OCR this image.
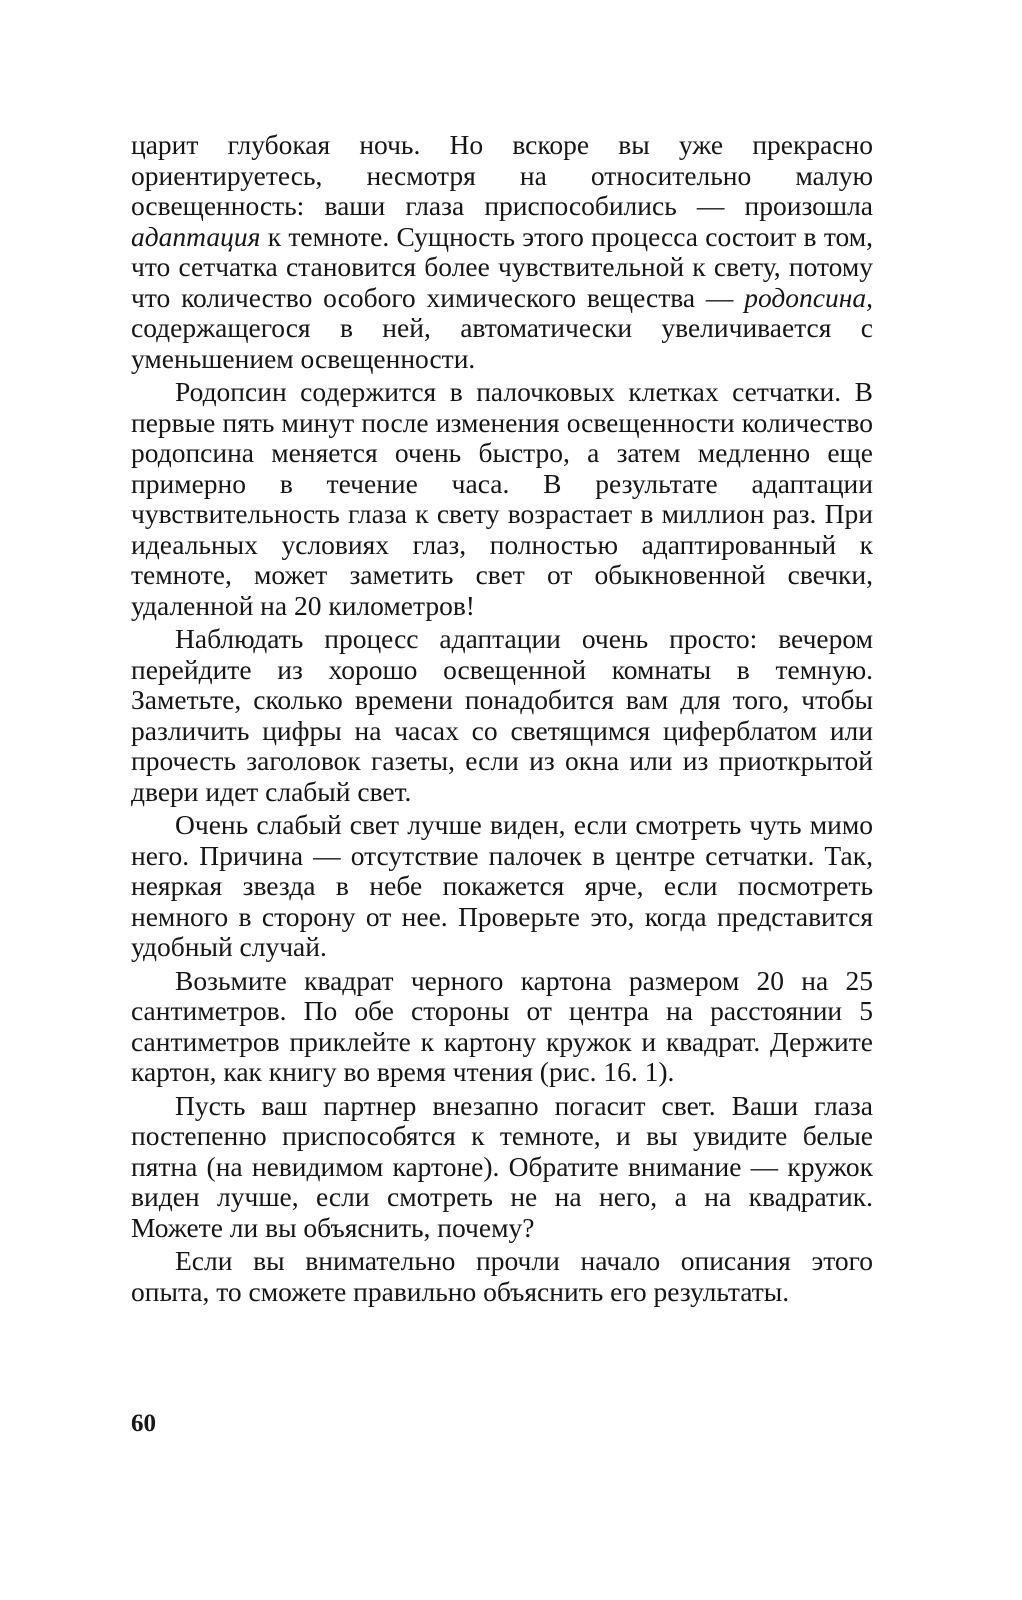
царит глубокая ночь. Но вскоре вы уже прекрасно ориентируетесь, несмотря на относительно малую освещенность: ваши глаза приспособились — произошла адаптация к темноте. Сущность этого процесса состоит в том, что сетчатка становится более чувствительной к свету, потому что количество особого химического вещества — родопсина, содержащегося в ней, автоматически увеличивается с уменьшением освещенности.

Родопсин содержится в палочковых клетках сетчатки. В первые пять минут после изменения освещенности количество родопсина меняется очень быстро, а затем медленно еще примерно в течение часа. В результате адаптации чувствительность глаза к свету возрастает в миллион раз. При идеальных условиях глаз, полностью адаптированный к темноте, может заметить свет от обыкновенной свечки, удаленной на 20 километров!

Наблюдать процесс адаптации очень просто: вечером перейдите из хорошо освещенной комнаты в темную. Заметьте, сколько времени понадобится вам для того, чтобы различить цифры на часах со светящимся циферблатом или прочесть заголовок газеты, если из окна или из приоткрытой двери идет слабый свет.

Очень слабый свет лучше виден, если смотреть чуть мимо него. Причина — отсутствие палочек в центре сетчатки. Так, неяркая звезда в небе покажется ярче, если посмотреть немного в сторону от нее. Проверьте это, когда представится удобный случай.

Возьмите квадрат черного картона размером 20 на 25 сантиметров. По обе стороны от центра на расстоянии 5 сантиметров приклейте к картону кружок и квадрат. Держите картон, как книгу во время чтения (рис. 16. 1).

Пусть ваш партнер внезапно погасит свет. Ваши глаза постепенно приспособятся к темноте, и вы увидите белые пятна (на невидимом картоне). Обратите внимание — кружок виден лучше, если смотреть не на него, а на квадратик. Можете ли вы объяснить, почему?

Если вы внимательно прочли начало описания этого опыта, то сможете правильно объяснить его результаты.

60
